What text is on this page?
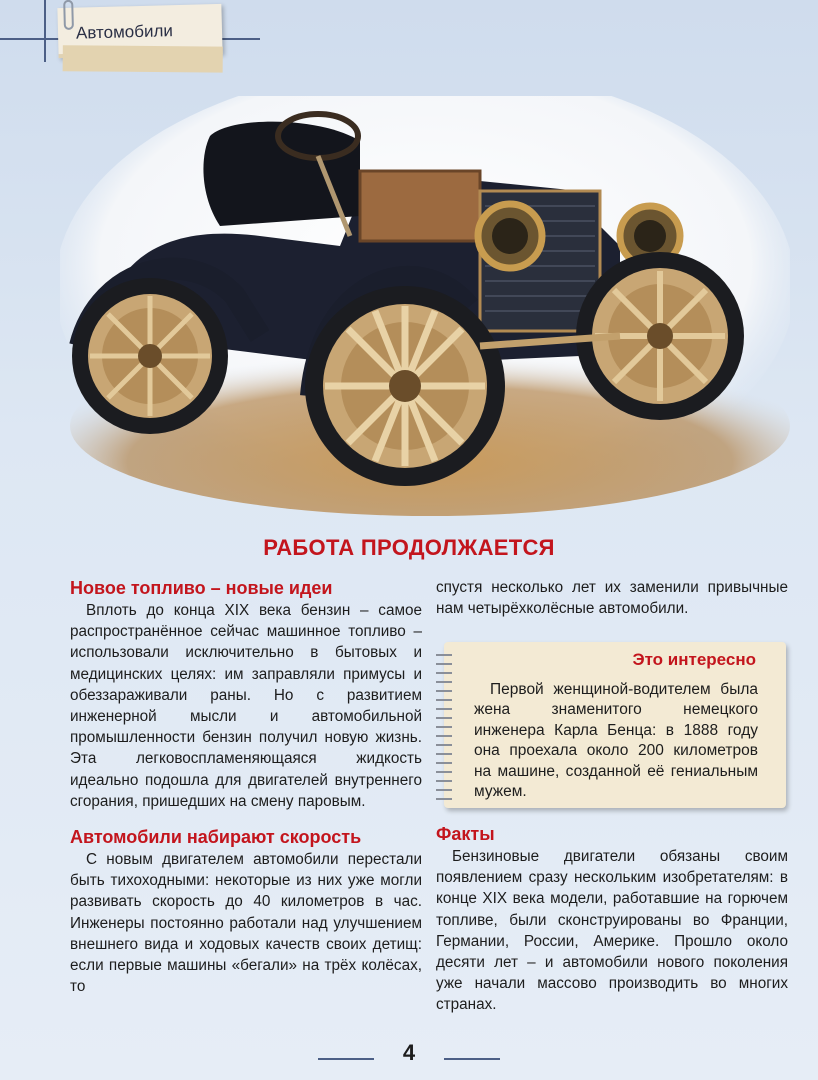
Автомобили
РАБОТА ПРОДОЛЖАЕТСЯ
Новое топливо – новые идеи

Вплоть до конца XIX века бензин – самое распространённое сейчас машинное топливо – использовали исключительно в бытовых и медицинских целях: им заправляли примусы и обеззараживали раны. Но с развитием инженерной мысли и автомобильной промышленности бензин получил новую жизнь. Эта легковоспламеняющаяся жидкость идеально подошла для двигателей внутреннего сгорания, пришедших на смену паровым.

Автомобили набирают скорость

С новым двигателем автомобили перестали быть тихоходными: некоторые из них уже могли развивать скорость до 40 километров в час. Инженеры постоянно работали над улучшением внешнего вида и ходовых качеств своих детищ: если первые машины «бегали» на трёх колёсах, то

спустя несколько лет их заменили привычные нам четырёхколёсные автомобили.

Это интересно
Первой женщиной-водителем была жена знаменитого немецкого инженера Карла Бенца: в 1888 году она проехала около 200 километров на машине, созданной её гениальным мужем.
Факты

Бензиновые двигатели обязаны своим появлением сразу нескольким изобретателям: в конце XIX века модели, работавшие на горючем топливе, были сконструированы во Франции, Германии, России, Америке. Прошло около десяти лет – и автомобили нового поколения уже начали массово производить во многих странах.

4
